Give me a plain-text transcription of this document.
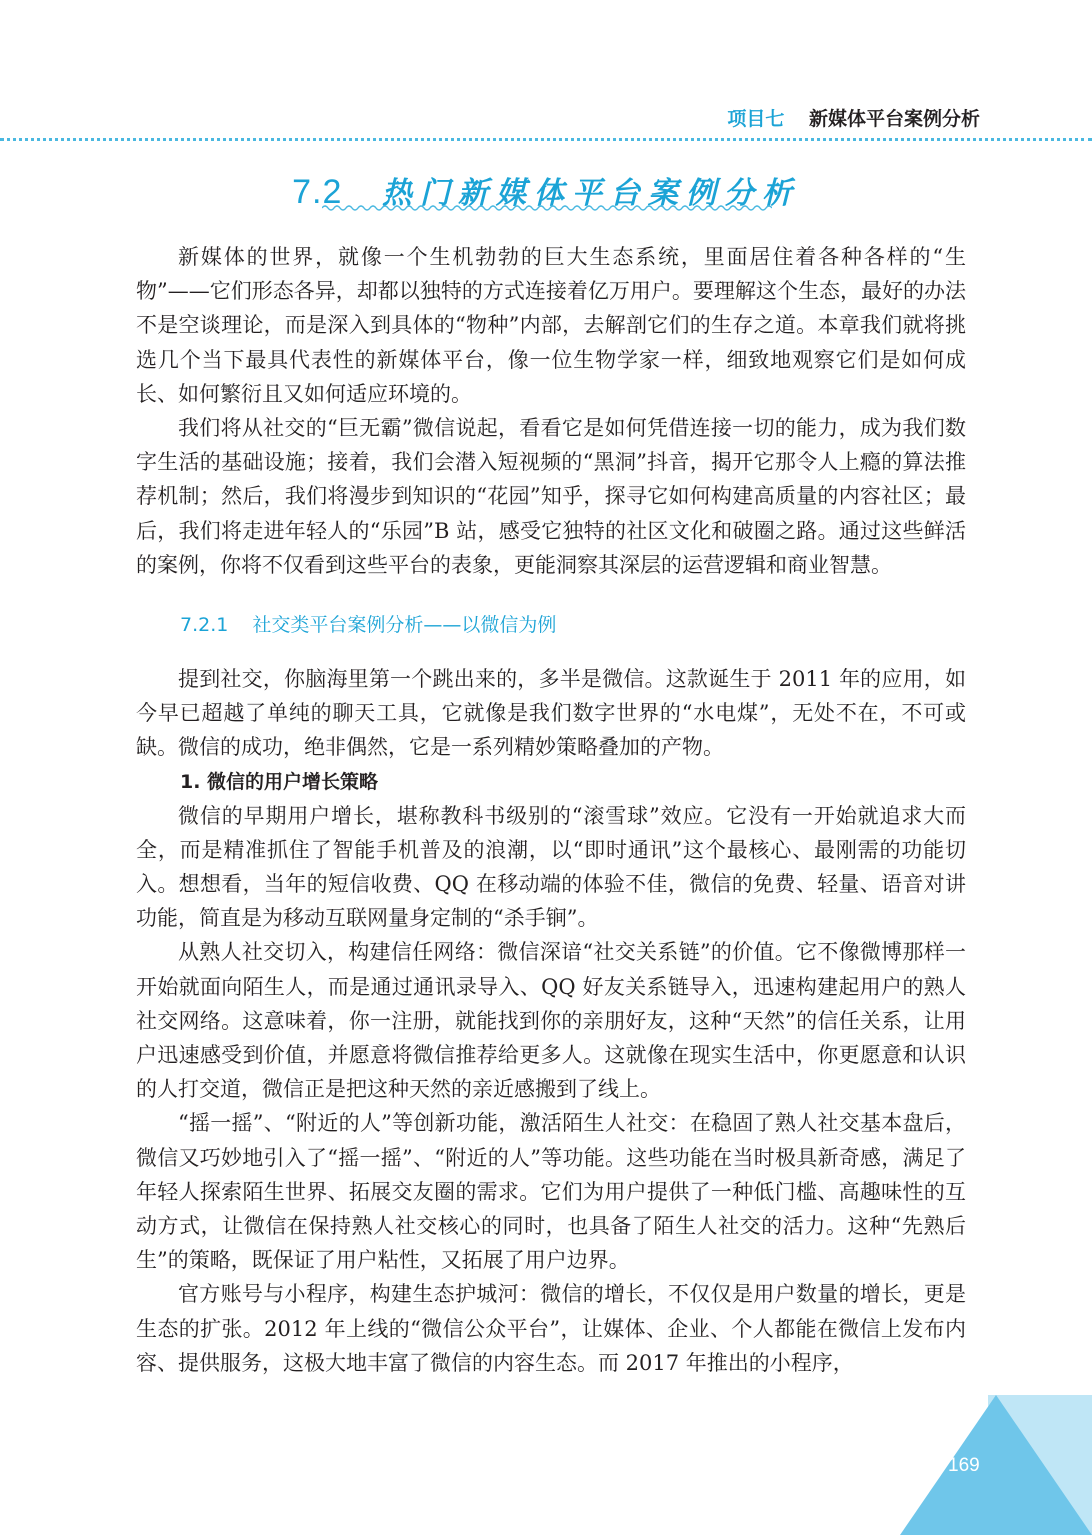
项目七 新媒体平台案例分析
7.2 热门新媒体平台案例分析

新媒体的世界，就像一个生机勃勃的巨大生态系统，里面居住着各种各样的“生物”——它们形态各异，却都以独特的方式连接着亿万用户。要理解这个生态，最好的办法不是空谈理论，而是深入到具体的“物种”内部，去解剖它们的生存之道。本章我们就将挑选几个当下最具代表性的新媒体平台，像一位生物学家一样，细致地观察它们是如何成长、如何繁衍且又如何适应环境的。

我们将从社交的“巨无霸”微信说起，看看它是如何凭借连接一切的能力，成为我们数字生活的基础设施；接着，我们会潜入短视频的“黑洞”抖音，揭开它那令人上瘾的算法推荐机制；然后，我们将漫步到知识的“花园”知乎，探寻它如何构建高质量的内容社区；最后，我们将走进年轻人的“乐园”B 站，感受它独特的社区文化和破圈之路。通过这些鲜活的案例，你将不仅看到这些平台的表象，更能洞察其深层的运营逻辑和商业智慧。

7.2.1 社交类平台案例分析——以微信为例

提到社交，你脑海里第一个跳出来的，多半是微信。这款诞生于 2011 年的应用，如今早已超越了单纯的聊天工具，它就像是我们数字世界的“水电煤”，无处不在，不可或缺。微信的成功，绝非偶然，它是一系列精妙策略叠加的产物。

1. 微信的用户增长策略

微信的早期用户增长，堪称教科书级别的“滚雪球”效应。它没有一开始就追求大而全，而是精准抓住了智能手机普及的浪潮，以“即时通讯”这个最核心、最刚需的功能切入。想想看，当年的短信收费、QQ 在移动端的体验不佳，微信的免费、轻量、语音对讲功能，简直是为移动互联网量身定制的“杀手锏”。

从熟人社交切入，构建信任网络：微信深谙“社交关系链”的价值。它不像微博那样一开始就面向陌生人，而是通过通讯录导入、QQ 好友关系链导入，迅速构建起用户的熟人社交网络。这意味着，你一注册，就能找到你的亲朋好友，这种“天然”的信任关系，让用户迅速感受到价值，并愿意将微信推荐给更多人。这就像在现实生活中，你更愿意和认识的人打交道，微信正是把这种天然的亲近感搬到了线上。

“摇一摇”、“附近的人”等创新功能，激活陌生人社交：在稳固了熟人社交基本盘后，微信又巧妙地引入了“摇一摇”、“附近的人”等功能。这些功能在当时极具新奇感，满足了年轻人探索陌生世界、拓展交友圈的需求。它们为用户提供了一种低门槛、高趣味性的互动方式，让微信在保持熟人社交核心的同时，也具备了陌生人社交的活力。这种“先熟后生”的策略，既保证了用户粘性，又拓展了用户边界。

官方账号与小程序，构建生态护城河：微信的增长，不仅仅是用户数量的增长，更是生态的扩张。2012 年上线的“微信公众平台”，让媒体、企业、个人都能在微信上发布内容、提供服务，这极大地丰富了微信的内容生态。而 2017 年推出的小程序，

169
